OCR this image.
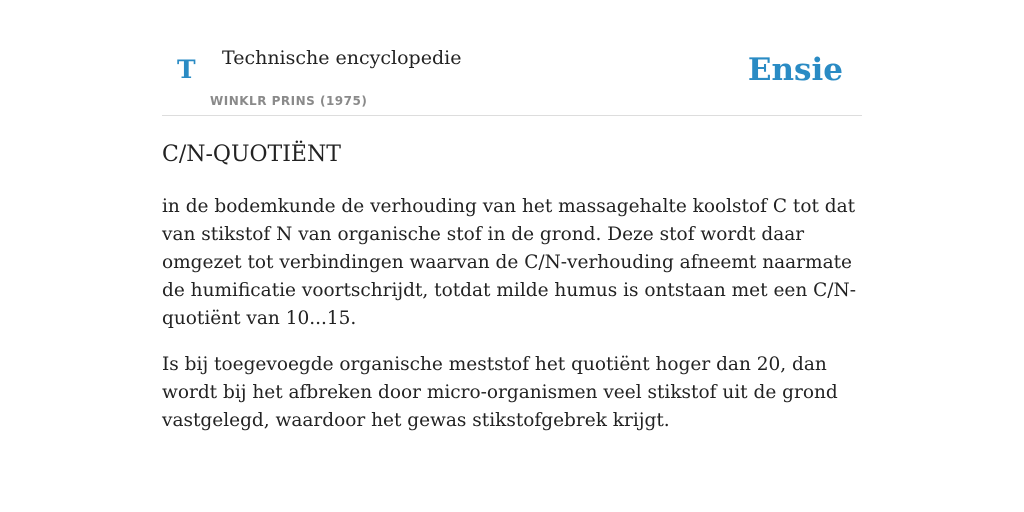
T Technische encyclopedie
WINKLR PRINS (1975)
Ensie
C/N-QUOTIËNT

in de bodemkunde de verhouding van het massagehalte koolstof C tot dat van stikstof N van organische stof in de grond. Deze stof wordt daar omgezet tot verbindingen waarvan de C/N-verhouding afneemt naarmate de humificatie voortschrijdt, totdat milde humus is ontstaan met een C/N-quotiënt van 10...15.

Is bij toegevoegde organische meststof het quotiënt hoger dan 20, dan wordt bij het afbreken door micro-organismen veel stikstof uit de grond vastgelegd, waardoor het gewas stikstofgebrek krijgt.
